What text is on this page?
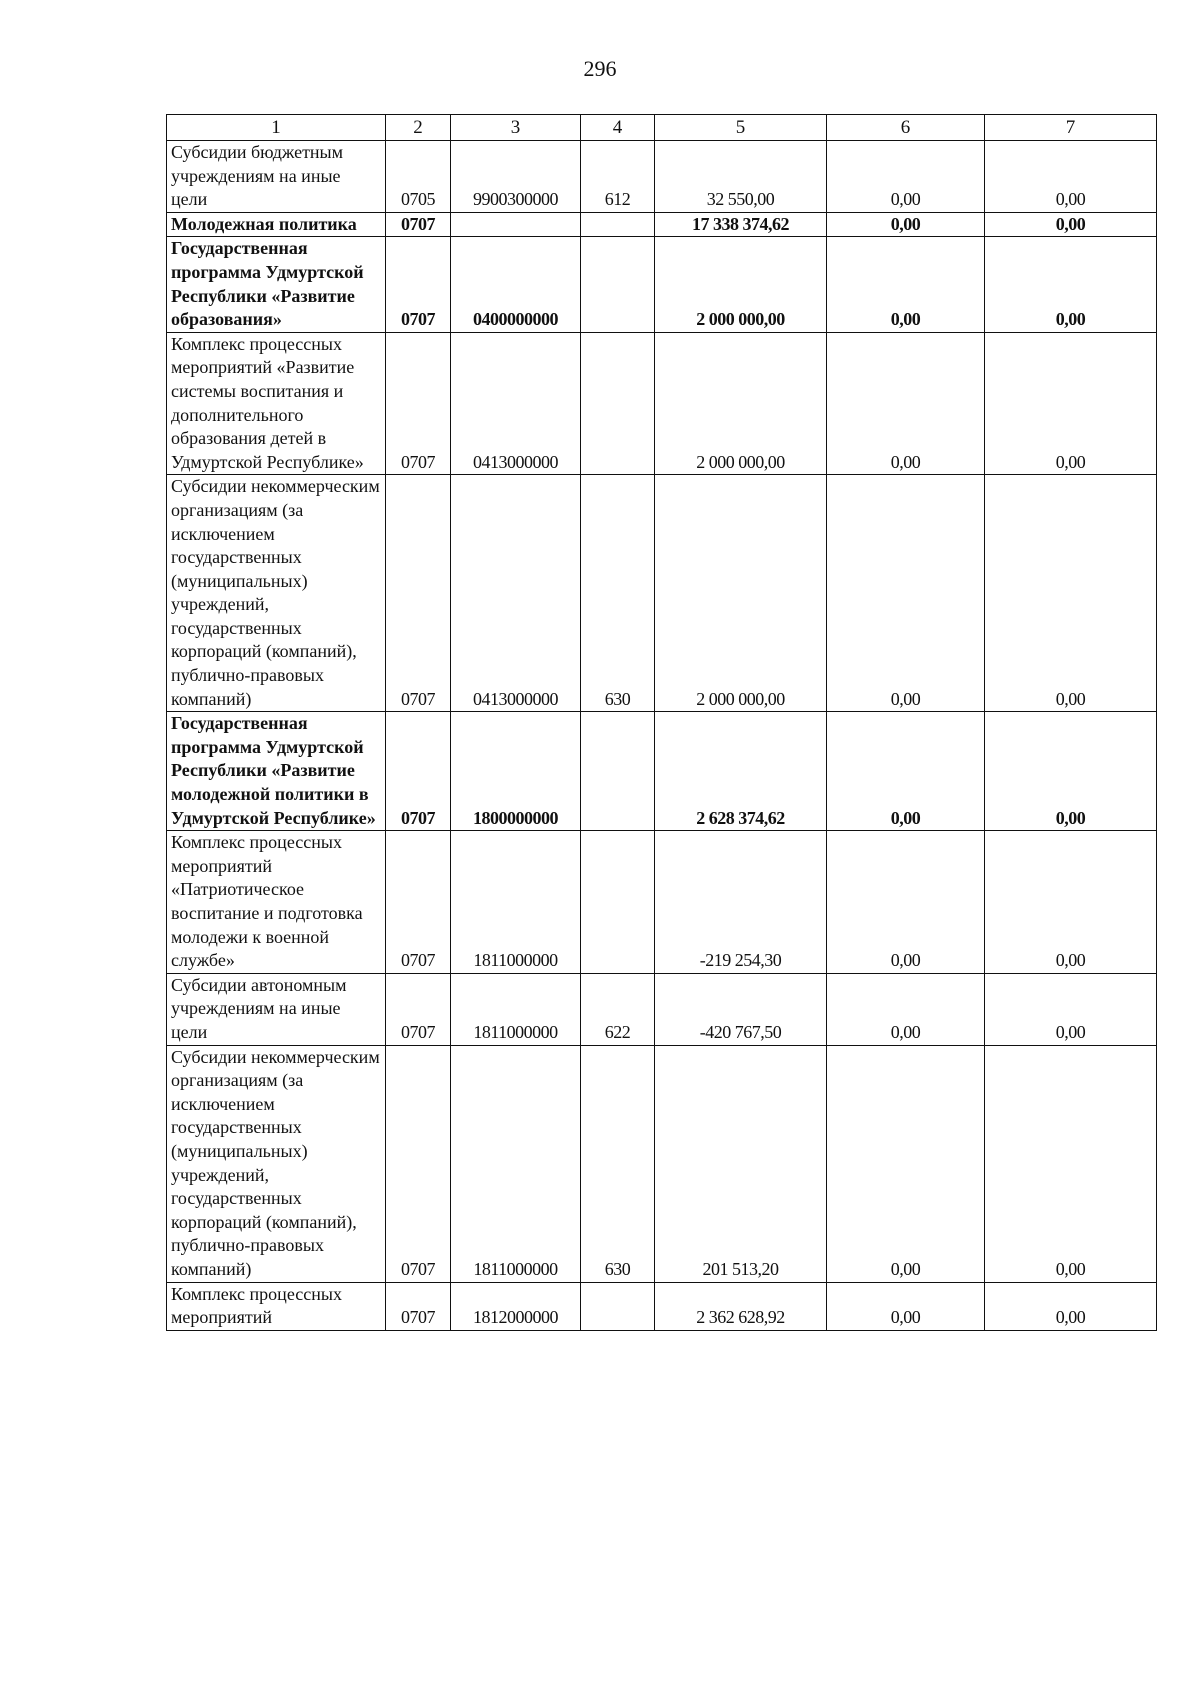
296
1	2	3	4	5	6	7
Субсидии бюджетным учреждениям на иные цели	0705	9900300000	612	32 550,00	0,00	0,00
Молодежная политика	0707			17 338 374,62	0,00	0,00
Государственная программа Удмуртской Республики «Развитие образования»	0707	0400000000		2 000 000,00	0,00	0,00
Комплекс процессных мероприятий «Развитие системы воспитания и дополнительного образования детей в Удмуртской Республике»	0707	0413000000		2 000 000,00	0,00	0,00
Субсидии некоммерческим организациям (за исключением государственных (муниципальных) учреждений, государственных корпораций (компаний), публично-правовых компаний)	0707	0413000000	630	2 000 000,00	0,00	0,00
Государственная программа Удмуртской Республики «Развитие молодежной политики в Удмуртской Республике»	0707	1800000000		2 628 374,62	0,00	0,00
Комплекс процессных мероприятий «Патриотическое воспитание и подготовка молодежи к военной службе»	0707	1811000000		-219 254,30	0,00	0,00
Субсидии автономным учреждениям на иные цели	0707	1811000000	622	-420 767,50	0,00	0,00
Субсидии некоммерческим организациям (за исключением государственных (муниципальных) учреждений, государственных корпораций (компаний), публично-правовых компаний)	0707	1811000000	630	201 513,20	0,00	0,00
Комплекс процессных мероприятий	0707	1812000000		2 362 628,92	0,00	0,00
